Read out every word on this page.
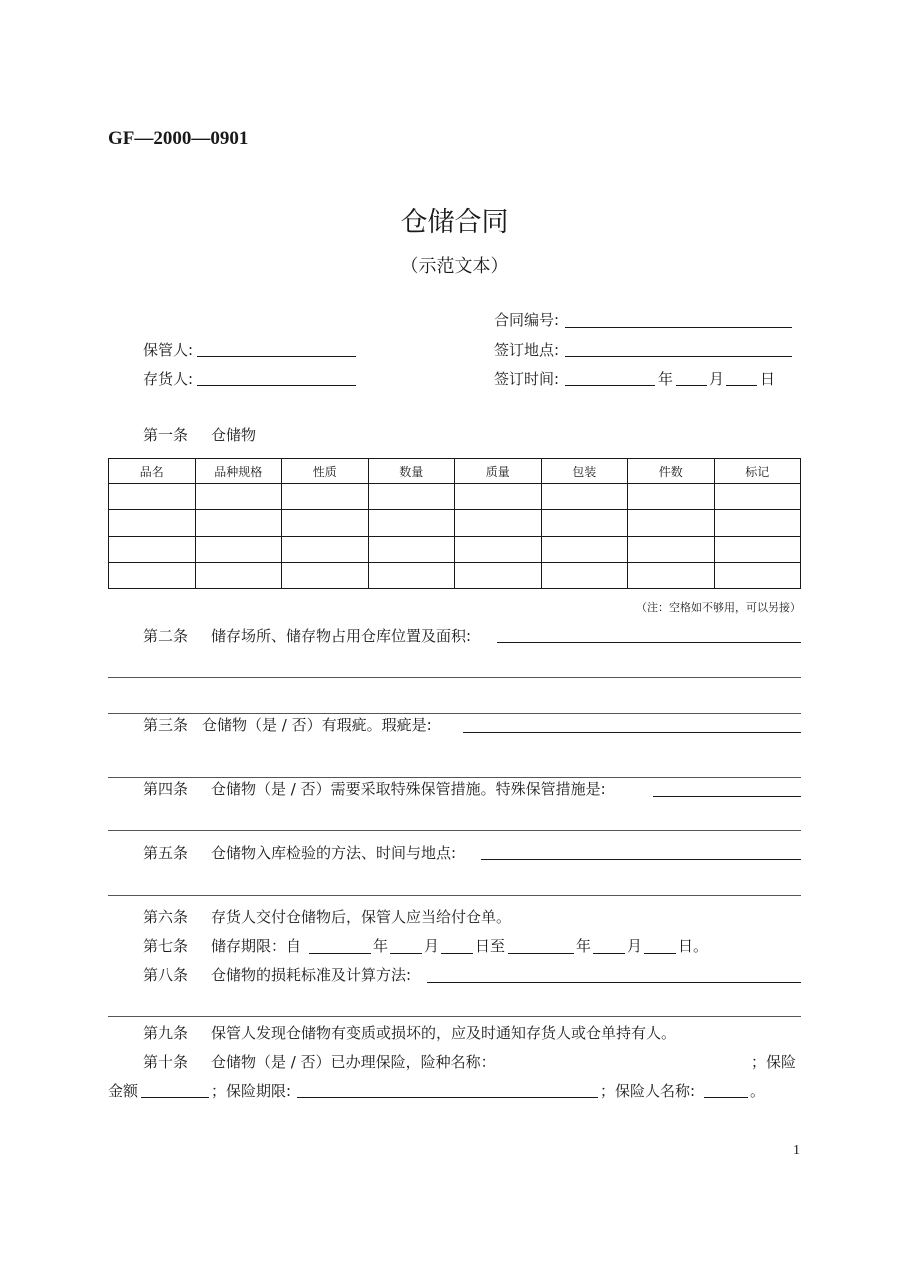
GF—2000—0901
仓储合同
（示范文本）
合同编号:
保管人:	签订地点:
存货人:	签订时间:	年 月 日
第一条 仓储物
品名	品种规格	性质	数量	质量	包装	件数	标记

（注：空格如不够用，可以另接）
第二条 储存场所、储存物占用仓库位置及面积:
第三条 仓储物（是 / 否）有瑕疵。瑕疵是:
第四条 仓储物（是 / 否）需要采取特殊保管措施。特殊保管措施是:
第五条 仓储物入库检验的方法、时间与地点:
第六条 存货人交付仓储物后，保管人应当给付仓单。
第七条 储存期限：自	年 月 日至	年 月 日。
第八条 仓储物的损耗标准及计算方法:
第九条 保管人发现仓储物有变质或损坏的，应及时通知存货人或仓单持有人。
第十条 仓储物（是 / 否）已办理保险，险种名称：	；保险
金额	；保险期限:	；保险人名称:	。
1
